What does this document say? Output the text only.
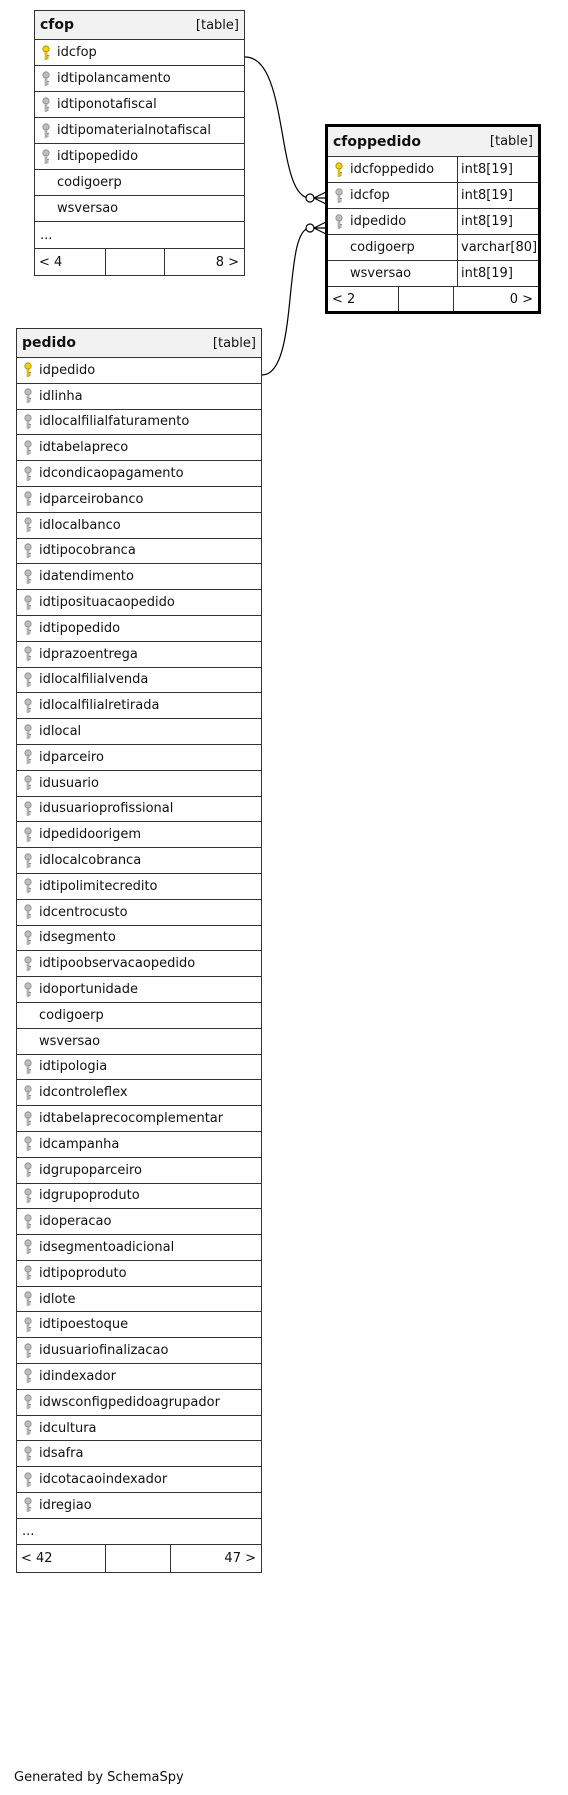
cfop	[table]
idcfop
idtipolancamento
idtiponotafiscal
idtipomaterialnotafiscal
idtipopedido
codigoerp
wsversao
...
< 4	8 >
cfoppedido	[table]
idcfoppedido	int8[19]
idcfop	int8[19]
idpedido	int8[19]
codigoerp	varchar[80]
wsversao	int8[19]
< 2	0 >
pedido	[table]
idpedido
idlinha
idlocalfilialfaturamento
idtabelapreco
idcondicaopagamento
idparceirobanco
idlocalbanco
idtipocobranca
idatendimento
idtiposituacaopedido
idtipopedido
idprazoentrega
idlocalfilialvenda
idlocalfilialretirada
idlocal
idparceiro
idusuario
idusuarioprofissional
idpedidoorigem
idlocalcobranca
idtipolimitecredito
idcentrocusto
idsegmento
idtipoobservacaopedido
idoportunidade
codigoerp
wsversao
idtipologia
idcontroleflex
idtabelaprecocomplementar
idcampanha
idgrupoparceiro
idgrupoproduto
idoperacao
idsegmentoadicional
idtipoproduto
idlote
idtipoestoque
idusuariofinalizacao
idindexador
idwsconfigpedidoagrupador
idcultura
idsafra
idcotacaoindexador
idregiao
...
< 42	47 >
Generated by SchemaSpy
